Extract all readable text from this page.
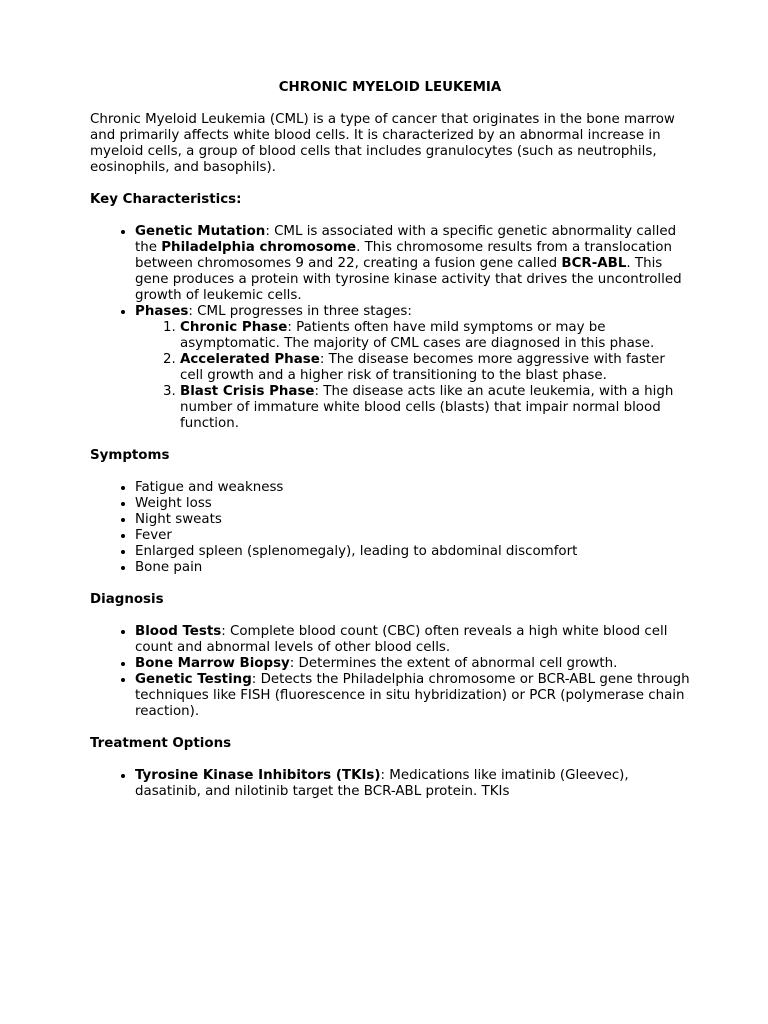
CHRONIC MYELOID LEUKEMIA

Chronic Myeloid Leukemia (CML) is a type of cancer that originates in the bone marrow and primarily affects white blood cells. It is characterized by an abnormal increase in myeloid cells, a group of blood cells that includes granulocytes (such as neutrophils, eosinophils, and basophils).

Key Characteristics:
• Genetic Mutation: CML is associated with a specific genetic abnormality called the Philadelphia chromosome. This chromosome results from a translocation between chromosomes 9 and 22, creating a fusion gene called BCR-ABL. This gene produces a protein with tyrosine kinase activity that drives the uncontrolled growth of leukemic cells.
• Phases: CML progresses in three stages:
1. Chronic Phase: Patients often have mild symptoms or may be asymptomatic. The majority of CML cases are diagnosed in this phase.
2. Accelerated Phase: The disease becomes more aggressive with faster cell growth and a higher risk of transitioning to the blast phase.
3. Blast Crisis Phase: The disease acts like an acute leukemia, with a high number of immature white blood cells (blasts) that impair normal blood function.
Symptoms
• Fatigue and weakness
• Weight loss
• Night sweats
• Fever
• Enlarged spleen (splenomegaly), leading to abdominal discomfort
• Bone pain
Diagnosis
• Blood Tests: Complete blood count (CBC) often reveals a high white blood cell count and abnormal levels of other blood cells.
• Bone Marrow Biopsy: Determines the extent of abnormal cell growth.
• Genetic Testing: Detects the Philadelphia chromosome or BCR-ABL gene through techniques like FISH (fluorescence in situ hybridization) or PCR (polymerase chain reaction).
Treatment Options
• Tyrosine Kinase Inhibitors (TKIs): Medications like imatinib (Gleevec), dasatinib, and nilotinib target the BCR-ABL protein. TKIs
